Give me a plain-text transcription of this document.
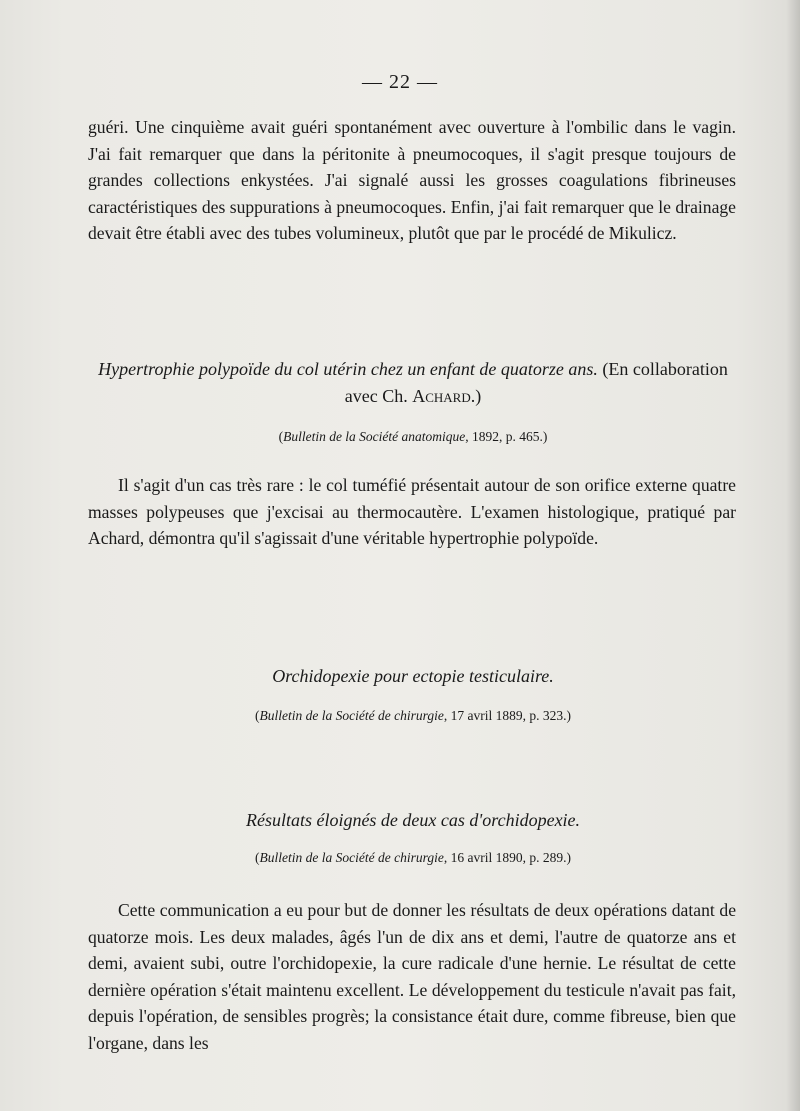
— 22 —
guéri. Une cinquième avait guéri spontanément avec ouverture à l'ombilic dans le vagin. J'ai fait remarquer que dans la péritonite à pneumocoques, il s'agit presque toujours de grandes collections enkystées. J'ai signalé aussi les grosses coagulations fibrineuses caractéristiques des suppurations à pneumocoques. Enfin, j'ai fait remarquer que le drainage devait être établi avec des tubes volumineux, plutôt que par le procédé de Mikulicz.
Hypertrophie polypoïde du col utérin chez un enfant de quatorze ans. (En collaboration avec Ch. Achard.)
(Bulletin de la Société anatomique, 1892, p. 465.)
Il s'agit d'un cas très rare : le col tuméfié présentait autour de son orifice externe quatre masses polypeuses que j'excisai au thermocautère. L'examen histologique, pratiqué par Achard, démontra qu'il s'agissait d'une véritable hypertrophie polypoïde.
Orchidopexie pour ectopie testiculaire.
(Bulletin de la Société de chirurgie, 17 avril 1889, p. 323.)
Résultats éloignés de deux cas d'orchidopexie.
(Bulletin de la Société de chirurgie, 16 avril 1890, p. 289.)
Cette communication a eu pour but de donner les résultats de deux opérations datant de quatorze mois. Les deux malades, âgés l'un de dix ans et demi, l'autre de quatorze ans et demi, avaient subi, outre l'orchidopexie, la cure radicale d'une hernie. Le résultat de cette dernière opération s'était maintenu excellent. Le développement du testicule n'avait pas fait, depuis l'opération, de sensibles progrès; la consistance était dure, comme fibreuse, bien que l'organe, dans les
